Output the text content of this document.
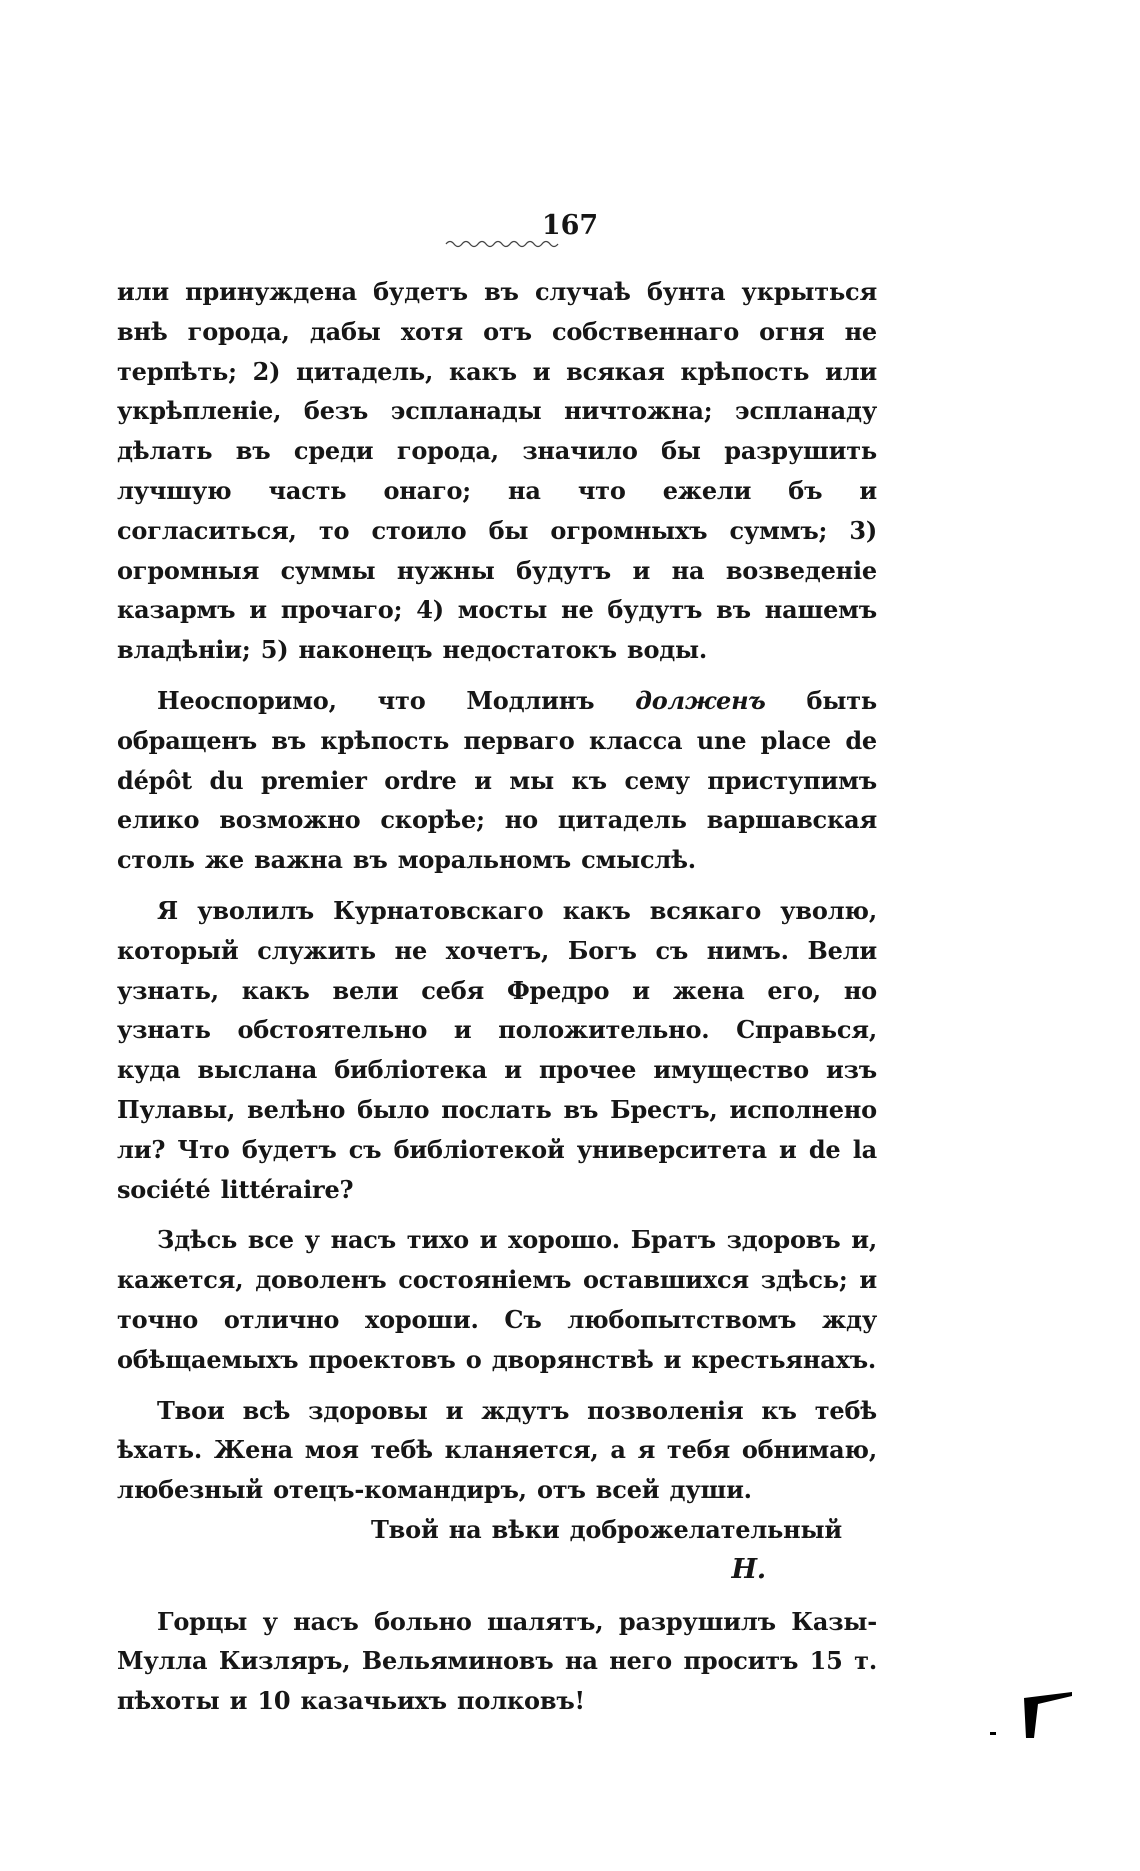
167

или принуждена будетъ въ случаѣ бунта укрыться внѣ города, дабы хотя отъ собственнаго огня не терпѣть; 2) цитадель, какъ и всякая крѣпость или укрѣпленіе, безъ эспланады ничтожна; эспланаду дѣлать въ среди города, значило бы разрушить лучшую часть онаго; на что ежели бъ и согласиться, то стоило бы огромныхъ суммъ; 3) огромныя суммы нужны будутъ и на возведеніе казармъ и прочаго; 4) мосты не будутъ въ нашемъ владѣніи; 5) наконецъ недостатокъ воды.

Неоспоримо, что Модлинъ долженъ быть обращенъ въ крѣпость перваго класса une place de dépôt du premier ordre и мы къ сему приступимъ елико возможно скорѣе; но цитадель варшавская столь же важна въ моральномъ смыслѣ.

Я уволилъ Курнатовскаго какъ всякаго уволю, который служить не хочетъ, Богъ съ нимъ. Вели узнать, какъ вели себя Фредро и жена его, но узнать обстоятельно и положительно. Справься, куда выслана библіотека и прочее имущество изъ Пулавы, велѣно было послать въ Брестъ, исполнено ли? Что будетъ съ библіотекой университета и de la société littéraire?

Здѣсь все у насъ тихо и хорошо. Братъ здоровъ и, кажется, доволенъ состояніемъ оставшихся здѣсь; и точно отлично хороши. Съ любопытствомъ жду обѣщаемыхъ проектовъ о дворянствѣ и крестьянахъ.

Твои всѣ здоровы и ждутъ позволенія къ тебѣ ѣхать. Жена моя тебѣ кланяется, а я тебя обнимаю, любезный отецъ-командиръ, отъ всей души.

Твой на вѣки доброжелательный
Н.

Горцы у насъ больно шалятъ, разрушилъ Казы-Мулла Кизляръ, Вельяминовъ на него проситъ 15 т. пѣхоты и 10 казачьихъ полковъ!
